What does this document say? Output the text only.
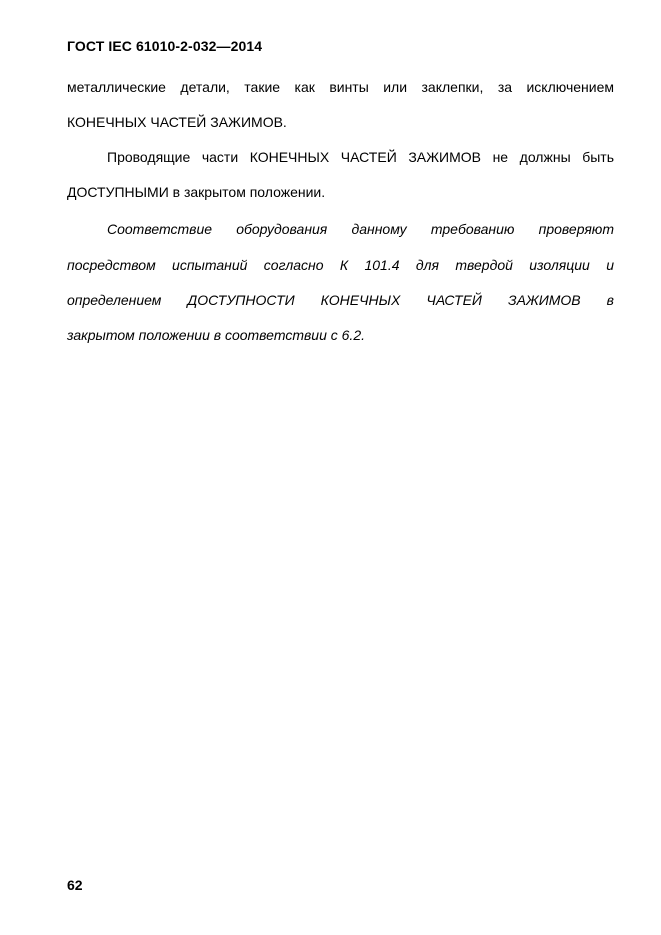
ГОСТ IEC 61010-2-032—2014
металлические детали, такие как винты или заклепки, за исключением
КОНЕЧНЫХ ЧАСТЕЙ ЗАЖИМОВ.
Проводящие части КОНЕЧНЫХ ЧАСТЕЙ ЗАЖИМОВ не должны быть
ДОСТУПНЫМИ в закрытом положении.
Соответствие оборудования данному требованию проверяют
посредством испытаний согласно К 101.4 для твердой изоляции и
определением ДОСТУПНОСТИ КОНЕЧНЫХ ЧАСТЕЙ ЗАЖИМОВ в
закрытом положении в соответствии с 6.2.
62
